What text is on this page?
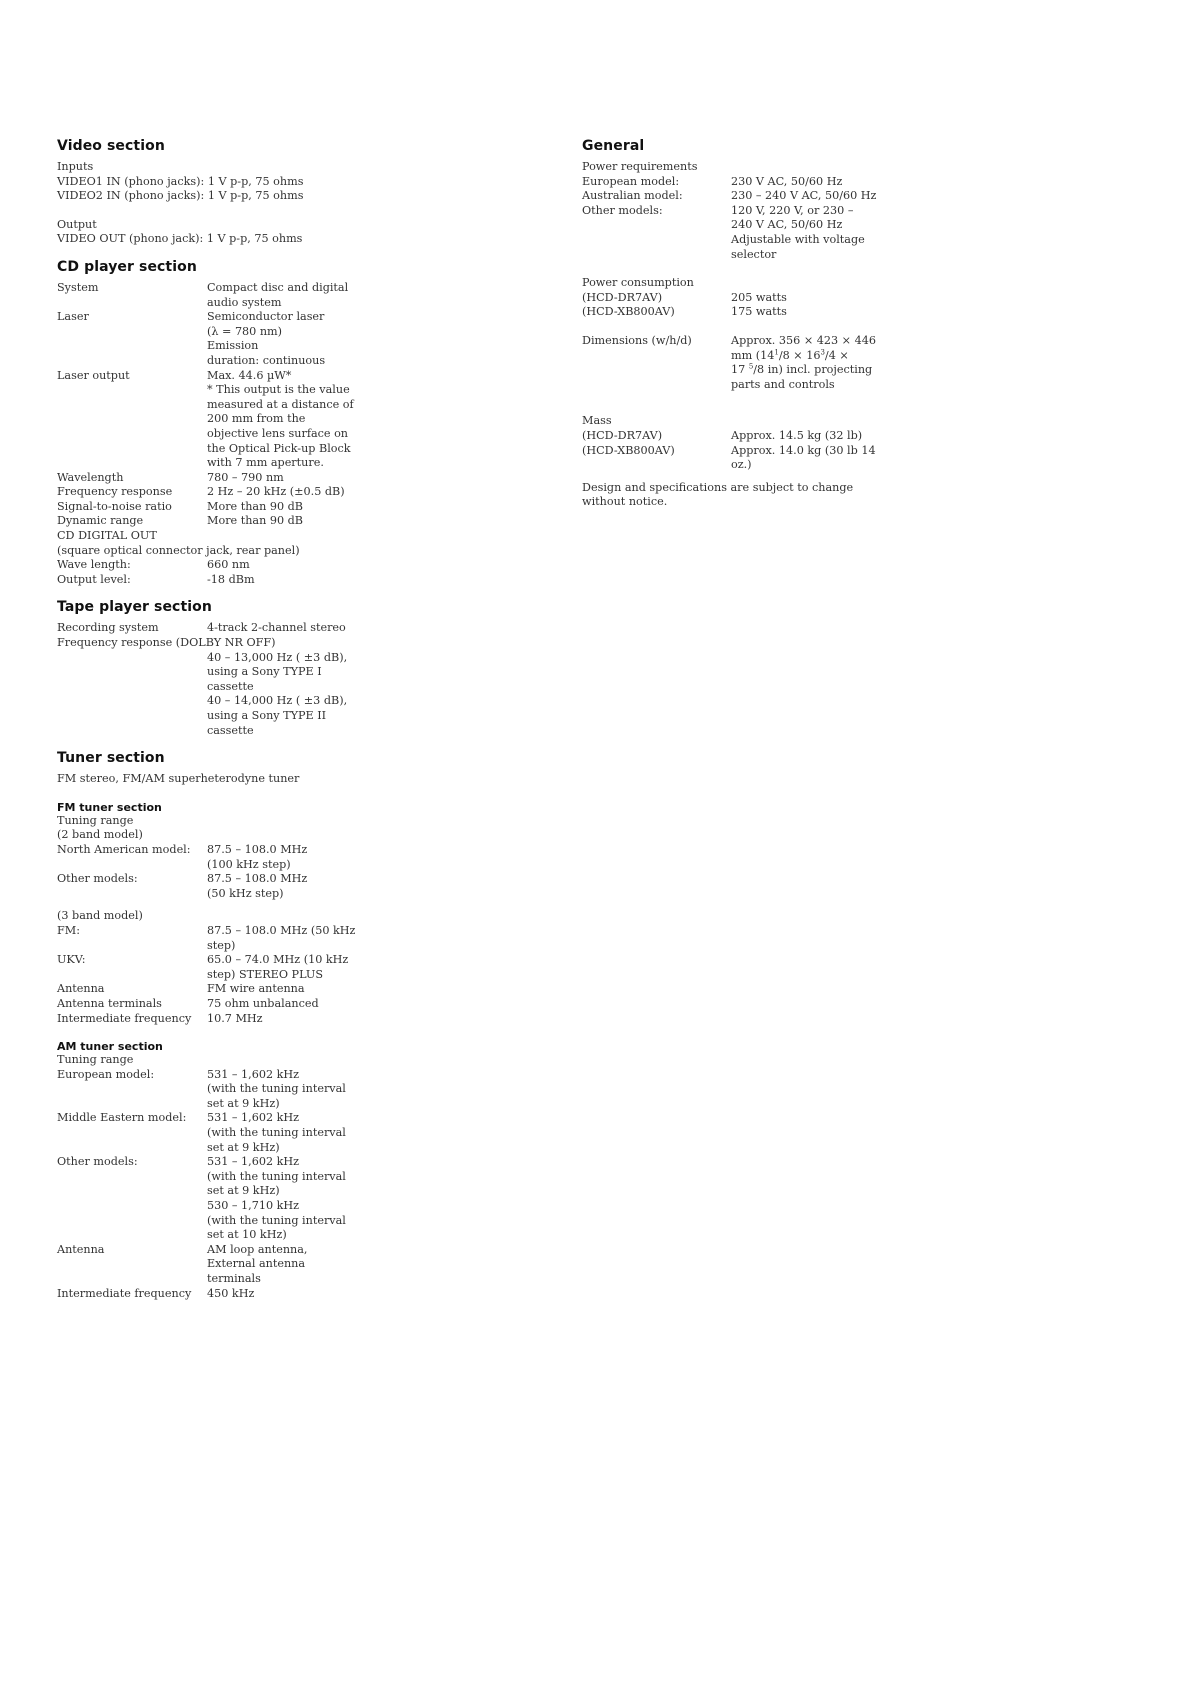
Video section
Inputs
VIDEO1 IN (phono jacks): 1 V p-p, 75 ohms
VIDEO2 IN (phono jacks): 1 V p-p, 75 ohms
Output
VIDEO OUT (phono jack): 1 V p-p, 75 ohms
CD player section
System	Compact disc and digital
audio system
Laser	Semiconductor laser
(λ = 780 nm)
Emission
duration: continuous
Laser output	Max. 44.6 µW*
* This output is the value
measured at a distance of
200 mm from the
objective lens surface on
the Optical Pick-up Block
with 7 mm aperture.
Wavelength	780 – 790 nm
Frequency response	2 Hz – 20 kHz (±0.5 dB)
Signal-to-noise ratio	More than 90 dB
Dynamic range	More than 90 dB
CD DIGITAL OUT
(square optical connector jack, rear panel)
Wave length:	660 nm
Output level:	-18 dBm
Tape player section
Recording system	4-track 2-channel stereo
Frequency response (DOLBY NR OFF)
40 – 13,000 Hz ( ±3 dB),
using a Sony TYPE I
cassette
40 – 14,000 Hz ( ±3 dB),
using a Sony TYPE II
cassette
Tuner section
FM stereo, FM/AM superheterodyne tuner
FM tuner section
Tuning range
(2 band model)
North American model:	87.5 – 108.0 MHz
(100 kHz step)
Other models:	87.5 – 108.0 MHz
(50 kHz step)
(3 band model)
FM:	87.5 – 108.0 MHz (50 kHz
step)
UKV:	65.0 – 74.0 MHz (10 kHz
step) STEREO PLUS
Antenna	FM wire antenna
Antenna terminals	75 ohm unbalanced
Intermediate frequency	10.7 MHz
AM tuner section
Tuning range
European model:	531 – 1,602 kHz
(with the tuning interval
set at 9 kHz)
Middle Eastern model:	531 – 1,602 kHz
(with the tuning interval
set at 9 kHz)
Other models:	531 – 1,602 kHz
(with the tuning interval
set at 9 kHz)
530 – 1,710 kHz
(with the tuning interval
set at 10 kHz)
Antenna	AM loop antenna,
External antenna
terminals
Intermediate frequency	450 kHz
General
Power requirements
European model:	230 V AC, 50/60 Hz
Australian model:	230 – 240 V AC, 50/60 Hz
Other models:	120 V, 220 V, or 230 –
240 V AC, 50/60 Hz
Adjustable with voltage
selector
Power consumption
(HCD-DR7AV)	205 watts
(HCD-XB800AV)	175 watts
Dimensions (w/h/d)	Approx. 356 × 423 × 446
mm ($14^1/8 \times 16^3/4$ ×
17 $^5$/8 in) incl. projecting
parts and controls
Mass
(HCD-DR7AV)	Approx. 14.5 kg (32 lb)
(HCD-XB800AV)	Approx. 14.0 kg (30 lb 14
oz.)
Design and specifications are subject to change
without notice.
